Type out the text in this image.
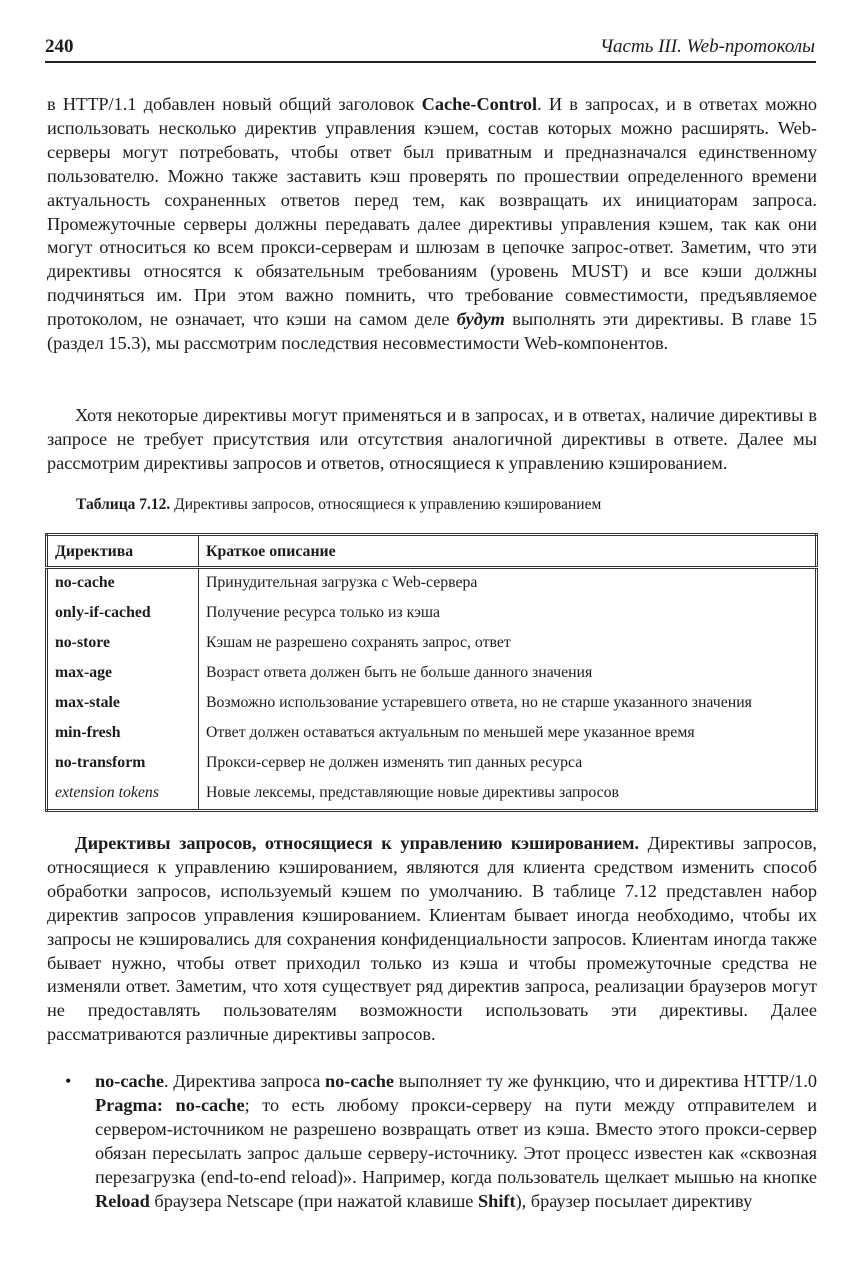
240	Часть III. Web-протоколы

в HTTP/1.1 добавлен новый общий заголовок Cache-Control. И в запросах, и в ответах можно использовать несколько директив управления кэшем, состав которых можно расширять. Web-серверы могут потребовать, чтобы ответ был приватным и предназначался единственному пользователю. Можно также заставить кэш проверять по прошествии определенного времени актуальность сохраненных ответов перед тем, как возвращать их инициаторам запроса. Промежуточные серверы должны передавать далее директивы управления кэшем, так как они могут относиться ко всем прокси-серверам и шлюзам в цепочке запрос-ответ. Заметим, что эти директивы относятся к обязательным требованиям (уровень MUST) и все кэши должны подчиняться им. При этом важно помнить, что требование совместимости, предъявляемое протоколом, не означает, что кэши на самом деле будут выполнять эти директивы. В главе 15 (раздел 15.3), мы рассмотрим последствия несовместимости Web-компонентов.

Хотя некоторые директивы могут применяться и в запросах, и в ответах, наличие директивы в запросе не требует присутствия или отсутствия аналогичной директивы в ответе. Далее мы рассмотрим директивы запросов и ответов, относящиеся к управлению кэшированием.

Таблица 7.12. Директивы запросов, относящиеся к управлению кэшированием
Директива	Краткое описание
no-cache	Принудительная загрузка с Web-сервера
only-if-cached	Получение ресурса только из кэша
no-store	Кэшам не разрешено сохранять запрос, ответ
max-age	Возраст ответа должен быть не больше данного значения
max-stale	Возможно использование устаревшего ответа, но не старше указанного значения
min-fresh	Ответ должен оставаться актуальным по меньшей мере указанное время
no-transform	Прокси-сервер не должен изменять тип данных ресурса
extension tokens	Новые лексемы, представляющие новые директивы запросов

Директивы запросов, относящиеся к управлению кэшированием. Директивы запросов, относящиеся к управлению кэшированием, являются для клиента средством изменить способ обработки запросов, используемый кэшем по умолчанию. В таблице 7.12 представлен набор директив запросов управления кэшированием. Клиентам бывает иногда необходимо, чтобы их запросы не кэшировались для сохранения конфиденциальности запросов. Клиентам иногда также бывает нужно, чтобы ответ приходил только из кэша и чтобы промежуточные средства не изменяли ответ. Заметим, что хотя существует ряд директив запроса, реализации браузеров могут не предоставлять пользователям возможности использовать эти директивы. Далее рассматриваются различные директивы запросов.

• no-cache. Директива запроса no-cache выполняет ту же функцию, что и директива HTTP/1.0 Pragma: no-cache; то есть любому прокси-серверу на пути между отправителем и сервером-источником не разрешено возвращать ответ из кэша. Вместо этого прокси-сервер обязан пересылать запрос дальше серверу-источнику. Этот процесс известен как «сквозная перезагрузка (end-to-end reload)». Например, когда пользователь щелкает мышью на кнопке Reload браузера Netscape (при нажатой клавише Shift), браузер посылает директиву
